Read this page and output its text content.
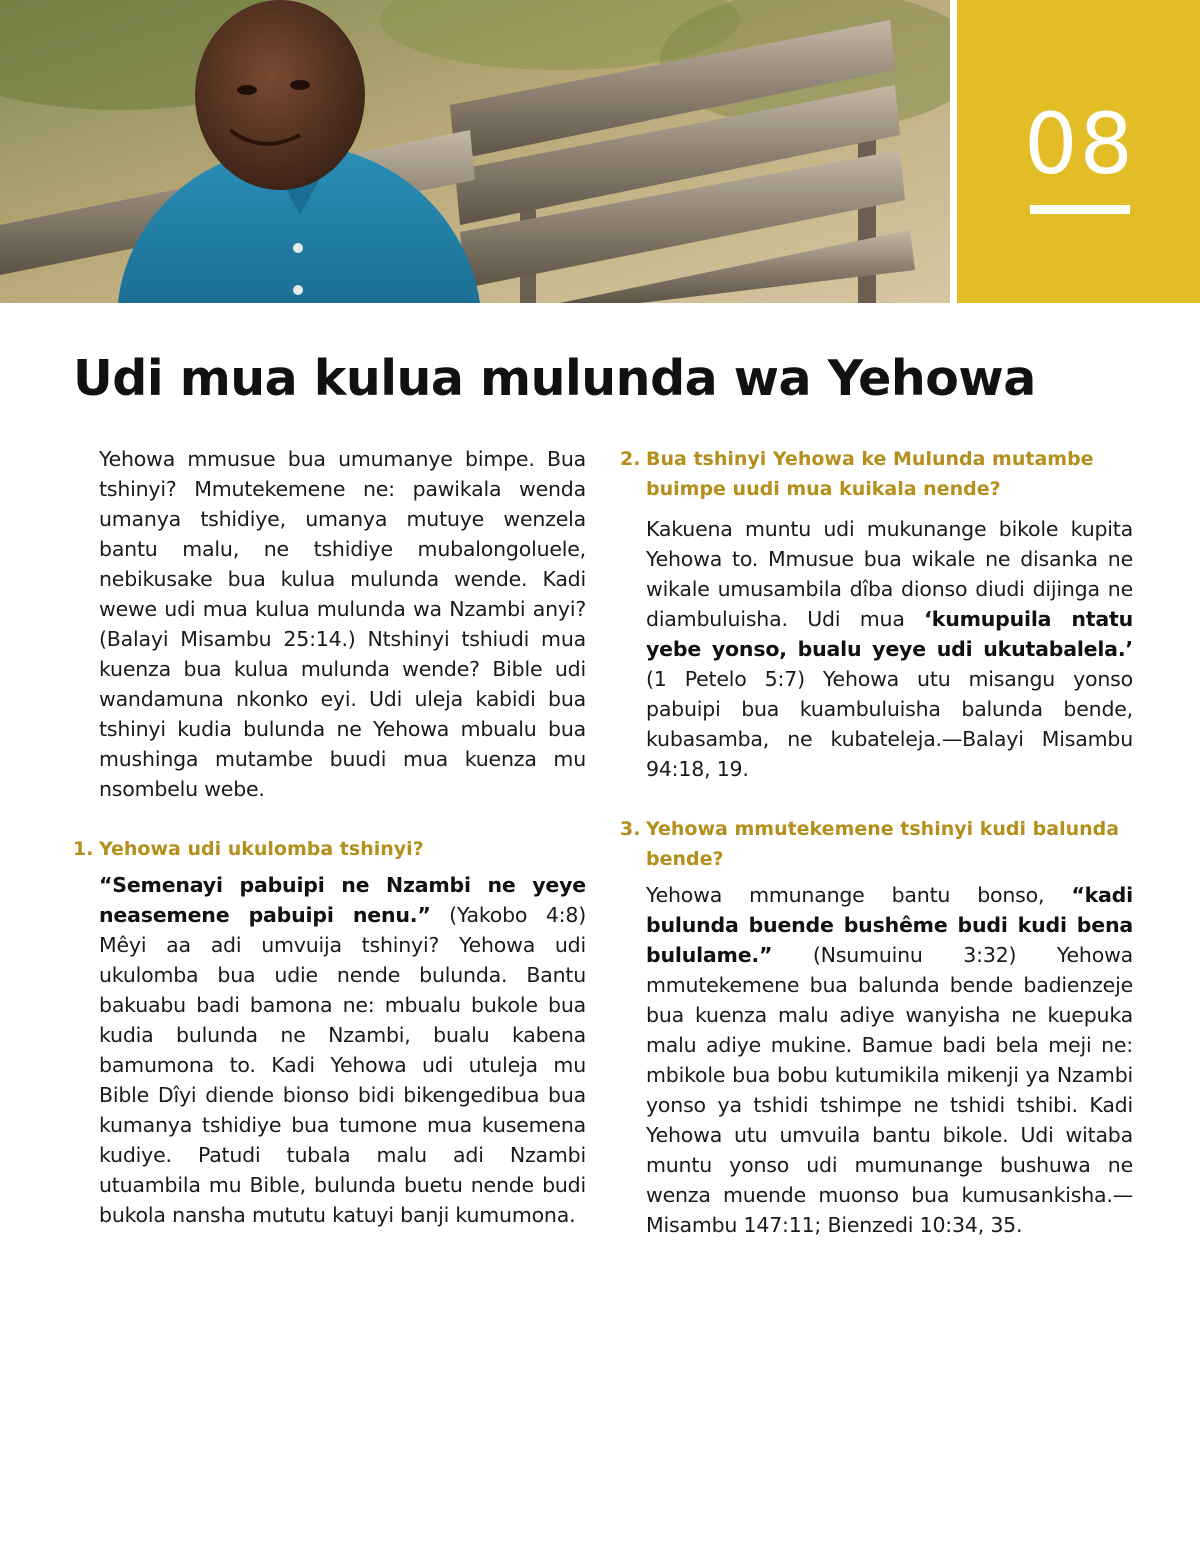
08
Udi mua kulua mulunda wa Yehowa

Yehowa mmusue bua umumanye bimpe. Bua tshinyi? Mmutekemene ne: pawikala wenda umanya tshidiye, umanya mutuye wenzela bantu malu, ne tshidiye mubalongoluele, nebikusake bua kulua mulunda wende. Kadi wewe udi mua kulua mulunda wa Nzambi anyi? (Balayi Misambu 25:14.) Ntshinyi tshiudi mua kuenza bua kulua mulunda wende? Bible udi wandamuna nkonko eyi. Udi uleja kabidi bua tshinyi kudia bulunda ne Yehowa mbualu bua mushinga mutambe buudi mua kuenza mu nsombelu webe.

1. Yehowa udi ukulomba tshinyi?

“Semenayi pabuipi ne Nzambi ne yeye neasemene pabuipi nenu.” (Yakobo 4:8) Mêyi aa adi umvuija tshinyi? Yehowa udi ukulomba bua udie nende bulunda. Bantu bakuabu badi bamona ne: mbualu bukole bua kudia bulunda ne Nzambi, bualu kabena bamumona to. Kadi Yehowa udi utuleja mu Bible Dîyi diende bionso bidi bikengedibua bua kumanya tshidiye bua tumone mua kusemena kudiye. Patudi tubala malu adi Nzambi utuambila mu Bible, bulunda buetu nende budi bukola nansha mututu katuyi banji kumumona.

2. Bua tshinyi Yehowa ke Mulunda mutambe buimpe uudi mua kuikala nende?

Kakuena muntu udi mukunange bikole kupita Yehowa to. Mmusue bua wikale ne disanka ne wikale umusambila dîba dionso diudi dijinga ne diambuluisha. Udi mua ‘kumupuila ntatu yebe yonso, bualu yeye udi ukutabalela.’ (1 Petelo 5:7) Yehowa utu misangu yonso pabuipi bua kuambuluisha balunda bende, kubasamba, ne kubateleja.—Balayi Misambu 94:18, 19.

3. Yehowa mmutekemene tshinyi kudi balunda bende?

Yehowa mmunange bantu bonso, “kadi bulunda buende bushême budi kudi bena bululame.” (Nsumuinu 3:32) Yehowa mmutekemene bua balunda bende badienzeje bua kuenza malu adiye wanyisha ne kuepuka malu adiye mukine. Bamue badi bela meji ne: mbikole bua bobu kutumikila mikenji ya Nzambi yonso ya tshidi tshimpe ne tshidi tshibi. Kadi Yehowa utu umvuila bantu bikole. Udi witaba muntu yonso udi mumunange bushuwa ne wenza muende muonso bua kumusankisha.—Misambu 147:11; Bienzedi 10:34, 35.
